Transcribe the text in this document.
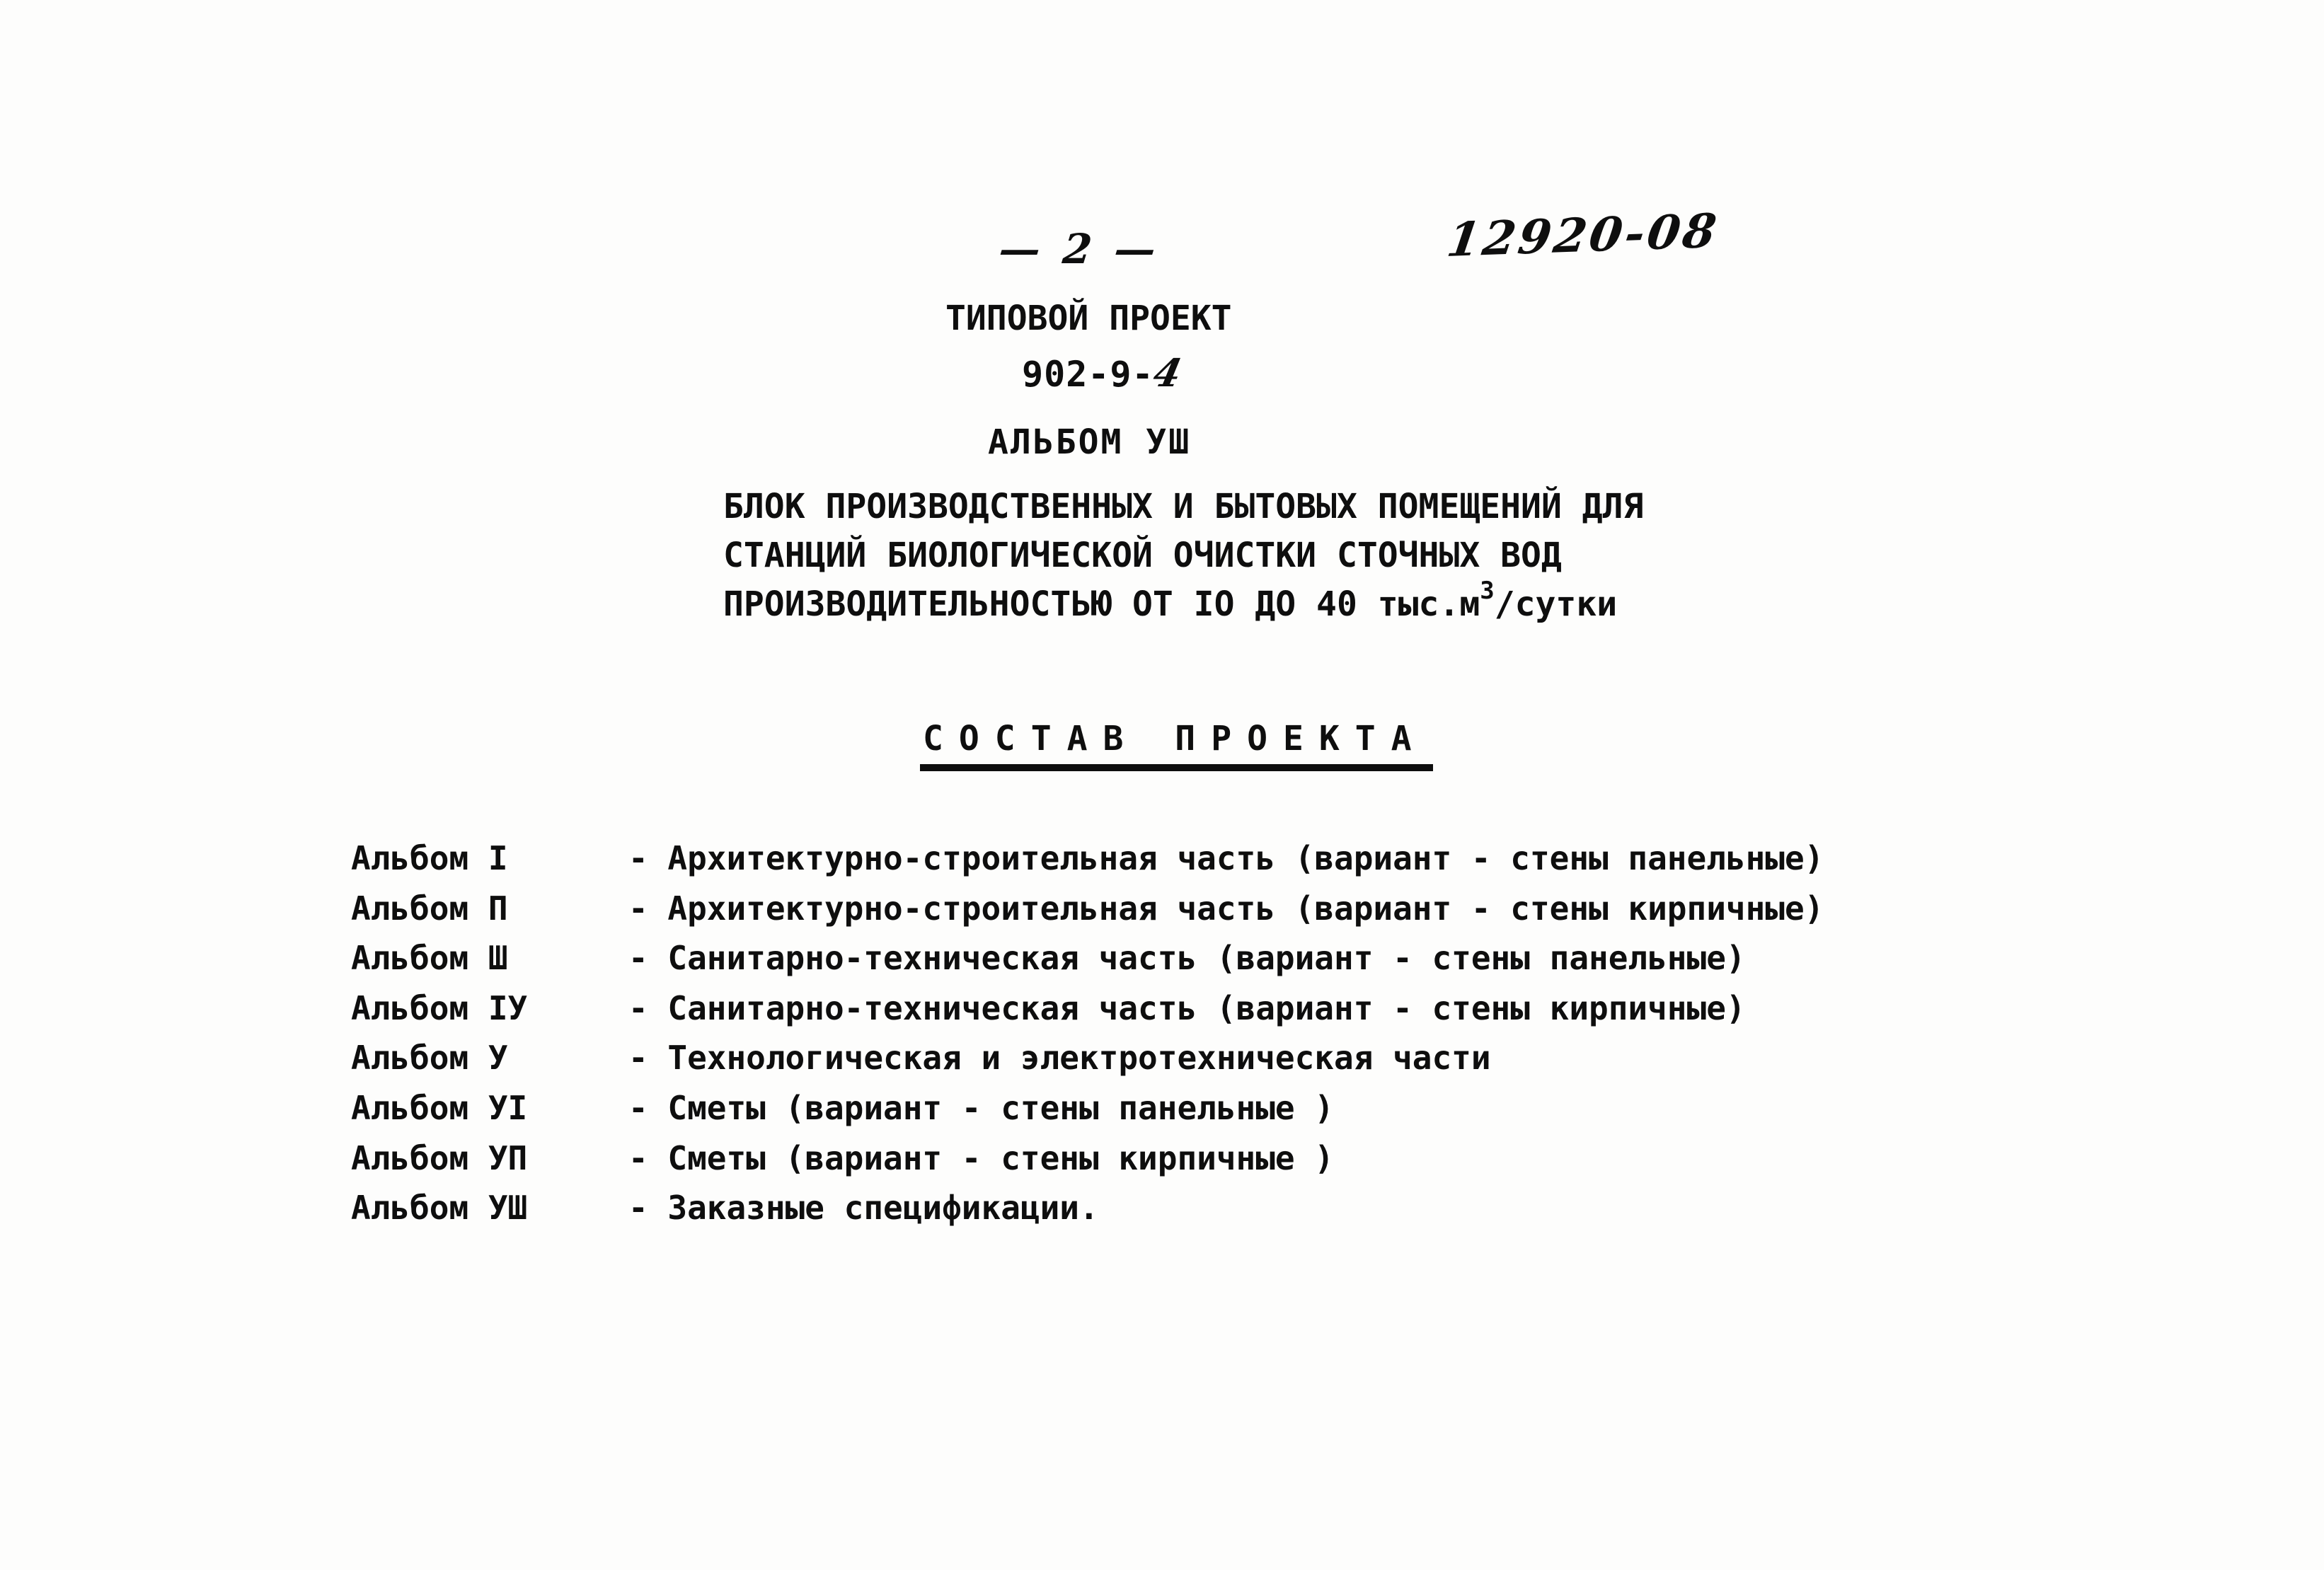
— 2 —	12920-08
ТИПОВОЙ ПРОЕКТ
902-9-4
АЛЬБОМ УШ
БЛОК ПРОИЗВОДСТВЕННЫХ И БЫТОВЫХ ПОМЕЩЕНИЙ ДЛЯ
СТАНЦИЙ БИОЛОГИЧЕСКОЙ ОЧИСТКИ СТОЧНЫХ ВОД
ПРОИЗВОДИТЕЛЬНОСТЬЮ ОТ IО ДО 40 $тыс.м^3$/сутки
СОСТАВ ПРОЕКТА
Альбом I	- Архитектурно-строительная часть (вариант - стены панельные)
Альбом П	- Архитектурно-строительная часть (вариант - стены кирпичные)
Альбом Ш	- Санитарно-техническая часть (вариант - стены панельные)
Альбом IУ	- Санитарно-техническая часть (вариант - стены кирпичные)
Альбом У	- Технологическая и электротехническая части
Альбом УI	- Сметы (вариант - стены панельные )
Альбом УП	- Сметы (вариант - стены кирпичные )
Альбом УШ	- Заказные спецификации.
